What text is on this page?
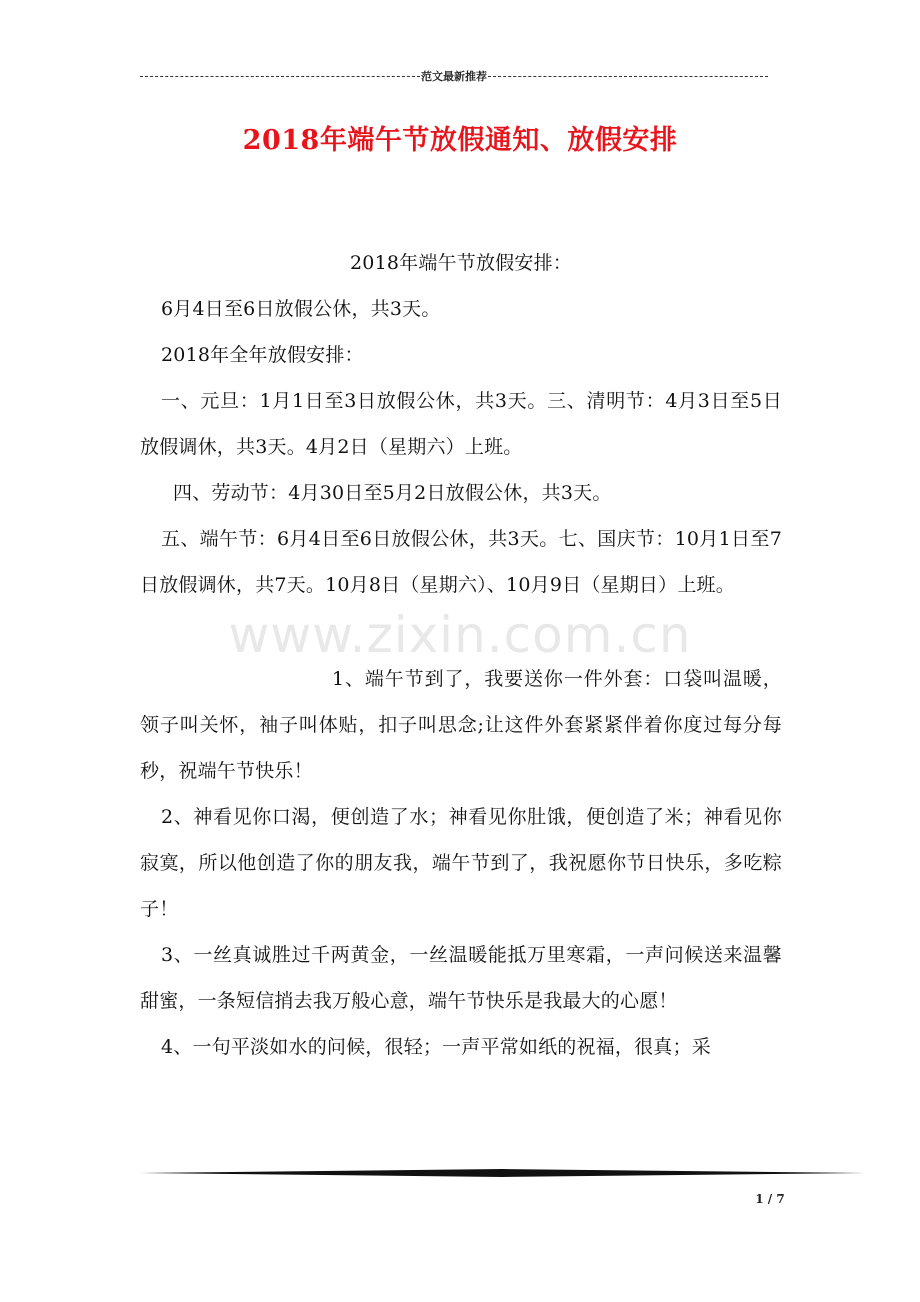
范文最新推荐
2018年端午节放假通知、放假安排

2018年端午节放假安排：

6月4日至6日放假公休，共3天。

2018年全年放假安排：

一、元旦：1月1日至3日放假公休，共3天。三、清明节：4月3日至5日放假调休，共3天。4月2日（星期六）上班。

四、劳动节：4月30日至5月2日放假公休，共3天。

五、端午节：6月4日至6日放假公休，共3天。七、国庆节：10月1日至7日放假调休，共7天。10月8日（星期六）、10月9日（星期日）上班。

1、端午节到了，我要送你一件外套：口袋叫温暖，领子叫关怀，袖子叫体贴，扣子叫思念;让这件外套紧紧伴着你度过每分每秒，祝端午节快乐！

2、神看见你口渴，便创造了水；神看见你肚饿，便创造了米；神看见你寂寞，所以他创造了你的朋友我，端午节到了，我祝愿你节日快乐，多吃粽子！

3、一丝真诚胜过千两黄金，一丝温暖能抵万里寒霜，一声问候送来温馨甜蜜，一条短信捎去我万般心意，端午节快乐是我最大的心愿！

4、一句平淡如水的问候，很轻；一声平常如纸的祝福，很真；采

www.zixin.com.cn
1 / 7
